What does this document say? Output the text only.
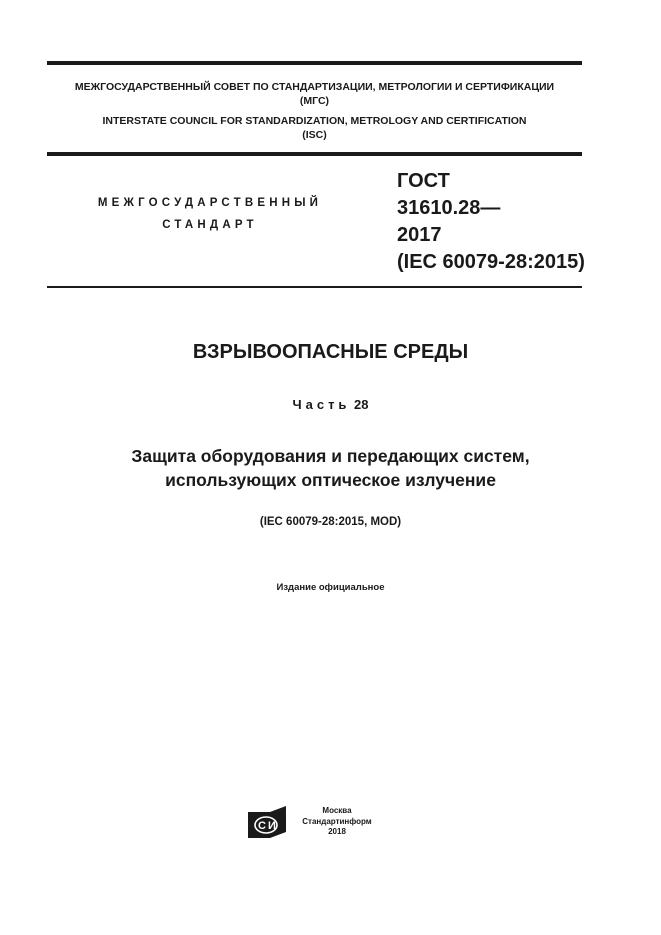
МЕЖГОСУДАРСТВЕННЫЙ СОВЕТ ПО СТАНДАРТИЗАЦИИ, МЕТРОЛОГИИ И СЕРТИФИКАЦИИ
(МГС)
INTERSTATE COUNCIL FOR STANDARDIZATION, METROLOGY AND CERTIFICATION
(ISC)
МЕЖГОСУДАРСТВЕННЫЙ
СТАНДАРТ
ГОСТ
31610.28—
2017
(IEC 60079-28:2015)
ВЗРЫВООПАСНЫЕ СРЕДЫ
Часть 28
Защита оборудования и передающих систем,
использующих оптическое излучение
(IEC 60079-28:2015, MOD)
Издание официальное
С И
Москва
Стандартинформ
2018
